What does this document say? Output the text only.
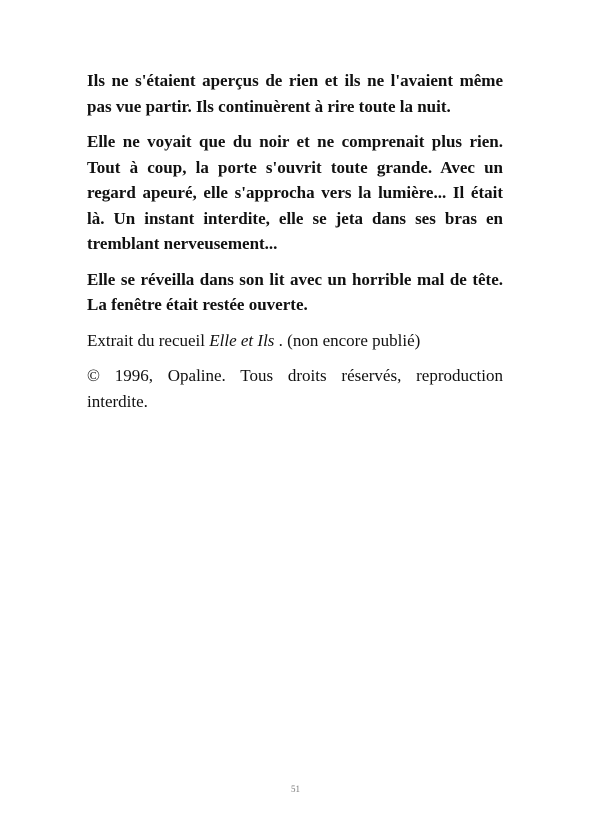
Ils ne s'étaient aperçus de rien et ils ne l'avaient même pas vue partir. Ils continuèrent à rire toute la nuit.

Elle ne voyait que du noir et ne comprenait plus rien. Tout à coup, la porte s'ouvrit toute grande. Avec un regard apeuré, elle s'approcha vers la lumière... Il était là. Un instant interdite, elle se jeta dans ses bras en tremblant nerveusement...

Elle se réveilla dans son lit avec un horrible mal de tête. La fenêtre était restée ouverte.

Extrait du recueil Elle et Ils . (non encore publié)

© 1996, Opaline. Tous droits réservés, reproduction interdite.

51
